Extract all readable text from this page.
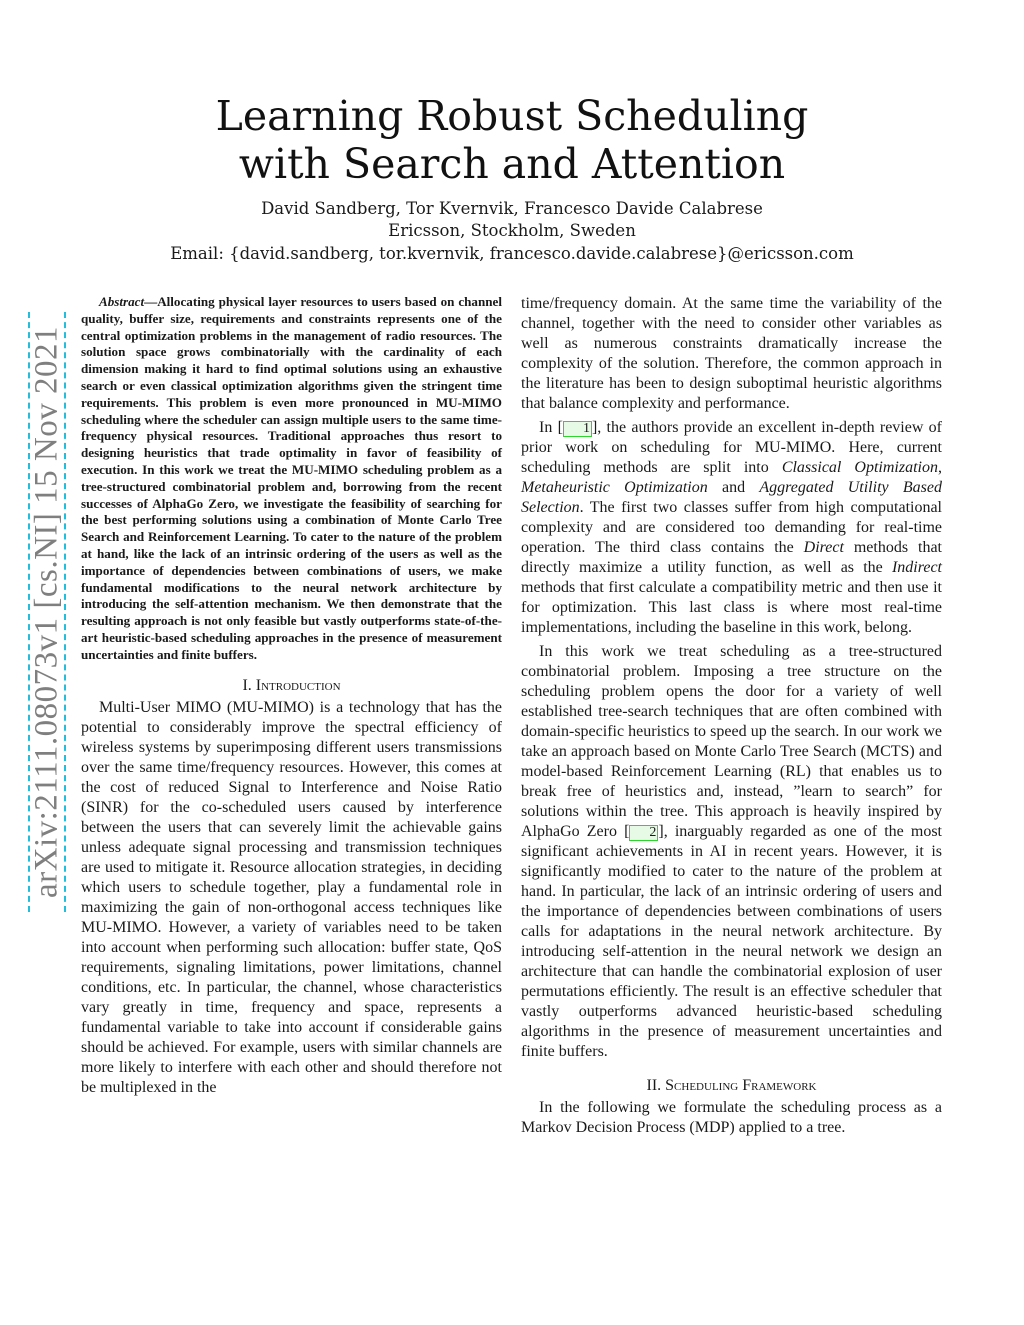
Learning Robust Scheduling
with Search and Attention
David Sandberg, Tor Kvernvik, Francesco Davide Calabrese
Ericsson, Stockholm, Sweden
Email: {david.sandberg, tor.kvernvik, francesco.davide.calabrese}@ericsson.com
arXiv:2111.08073v1 [cs.NI] 15 Nov 2021

Abstract—Allocating physical layer resources to users based on channel quality, buffer size, requirements and constraints represents one of the central optimization problems in the management of radio resources. The solution space grows combinatorially with the cardinality of each dimension making it hard to find optimal solutions using an exhaustive search or even classical optimization algorithms given the stringent time requirements. This problem is even more pronounced in MU-MIMO scheduling where the scheduler can assign multiple users to the same time-frequency physical resources. Traditional approaches thus resort to designing heuristics that trade optimality in favor of feasibility of execution. In this work we treat the MU-MIMO scheduling problem as a tree-structured combinatorial problem and, borrowing from the recent successes of AlphaGo Zero, we investigate the feasibility of searching for the best performing solutions using a combination of Monte Carlo Tree Search and Reinforcement Learning. To cater to the nature of the problem at hand, like the lack of an intrinsic ordering of the users as well as the importance of dependencies between combinations of users, we make fundamental modifications to the neural network architecture by introducing the self-attention mechanism. We then demonstrate that the resulting approach is not only feasible but vastly outperforms state-of-the-art heuristic-based scheduling approaches in the presence of measurement uncertainties and finite buffers.

I. Introduction

Multi-User MIMO (MU-MIMO) is a technology that has the potential to considerably improve the spectral efficiency of wireless systems by superimposing different users transmissions over the same time/frequency resources. However, this comes at the cost of reduced Signal to Interference and Noise Ratio (SINR) for the co-scheduled users caused by interference between the users that can severely limit the achievable gains unless adequate signal processing and transmission techniques are used to mitigate it. Resource allocation strategies, in deciding which users to schedule together, play a fundamental role in maximizing the gain of non-orthogonal access techniques like MU-MIMO. However, a variety of variables need to be taken into account when performing such allocation: buffer state, QoS requirements, signaling limitations, power limitations, channel conditions, etc. In particular, the channel, whose characteristics vary greatly in time, frequency and space, represents a fundamental variable to take into account if considerable gains should be achieved. For example, users with similar channels are more likely to interfere with each other and should therefore not be multiplexed in the

time/frequency domain. At the same time the variability of the channel, together with the need to consider other variables as well as numerous constraints dramatically increase the complexity of the solution. Therefore, the common approach in the literature has been to design suboptimal heuristic algorithms that balance complexity and performance.

In [ 1 ], the authors provide an excellent in-depth review of prior work on scheduling for MU-MIMO. Here, current scheduling methods are split into Classical Optimization, Metaheuristic Optimization and Aggregated Utility Based Selection. The first two classes suffer from high computational complexity and are considered too demanding for real-time operation. The third class contains the Direct methods that directly maximize a utility function, as well as the Indirect methods that first calculate a compatibility metric and then use it for optimization. This last class is where most real-time implementations, including the baseline in this work, belong.

In this work we treat scheduling as a tree-structured combinatorial problem. Imposing a tree structure on the scheduling problem opens the door for a variety of well established tree-search techniques that are often combined with domain-specific heuristics to speed up the search. In our work we take an approach based on Monte Carlo Tree Search (MCTS) and model-based Reinforcement Learning (RL) that enables us to break free of heuristics and, instead, ”learn to search” for solutions within the tree. This approach is heavily inspired by AlphaGo Zero [ 2 ], inarguably regarded as one of the most significant achievements in AI in recent years. However, it is significantly modified to cater to the nature of the problem at hand. In particular, the lack of an intrinsic ordering of users and the importance of dependencies between combinations of users calls for adaptations in the neural network architecture. By introducing self-attention in the neural network we design an architecture that can handle the combinatorial explosion of user permutations efficiently. The result is an effective scheduler that vastly outperforms advanced heuristic-based scheduling algorithms in the presence of measurement uncertainties and finite buffers.

II. Scheduling Framework

In the following we formulate the scheduling process as a Markov Decision Process (MDP) applied to a tree.
